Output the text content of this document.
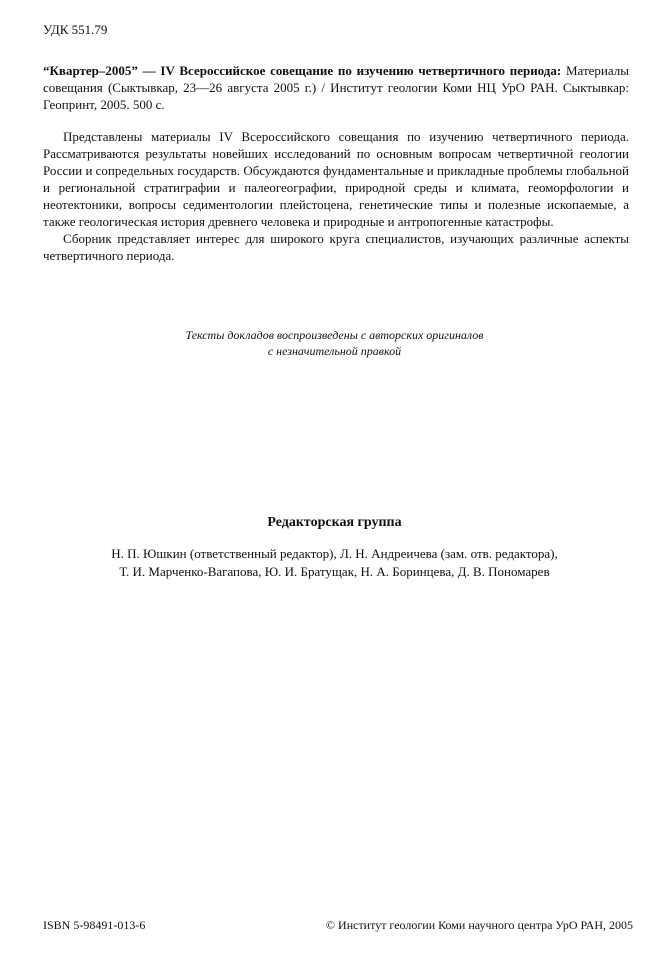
УДК 551.79
“Квартер–2005” — IV Всероссийское совещание по изучению четвертичного периода: Материалы совещания (Сыктывкар, 23—26 августа 2005 г.) / Институт геологии Коми НЦ УрО РАН. Сыктывкар: Геопринт, 2005. 500 с.

Представлены материалы IV Всероссийского совещания по изучению четвертичного периода. Рассматриваются результаты новейших исследований по основным вопросам четвертичной геологии России и сопредельных государств. Обсуждаются фундаментальные и прикладные проблемы глобальной и региональной стратиграфии и палеогеографии, природной среды и климата, геоморфологии и неотектоники, вопросы седиментологии плейстоцена, генетические типы и полезные ископаемые, а также геологическая история древнего человека и природные и антропогенные катастрофы.

Сборник представляет интерес для широкого круга специалистов, изучающих различные аспекты четвертичного периода.

Тексты докладов воспроизведены с авторских оригиналов
с незначительной правкой
Редакторская группа
Н. П. Юшкин (ответственный редактор), Л. Н. Андреичева (зам. отв. редактора),
Т. И. Марченко-Вагапова, Ю. И. Братущак, Н. А. Боринцева, Д. В. Пономарев
ISBN 5-98491-013-6	© Институт геологии Коми научного центра УрО РАН, 2005
